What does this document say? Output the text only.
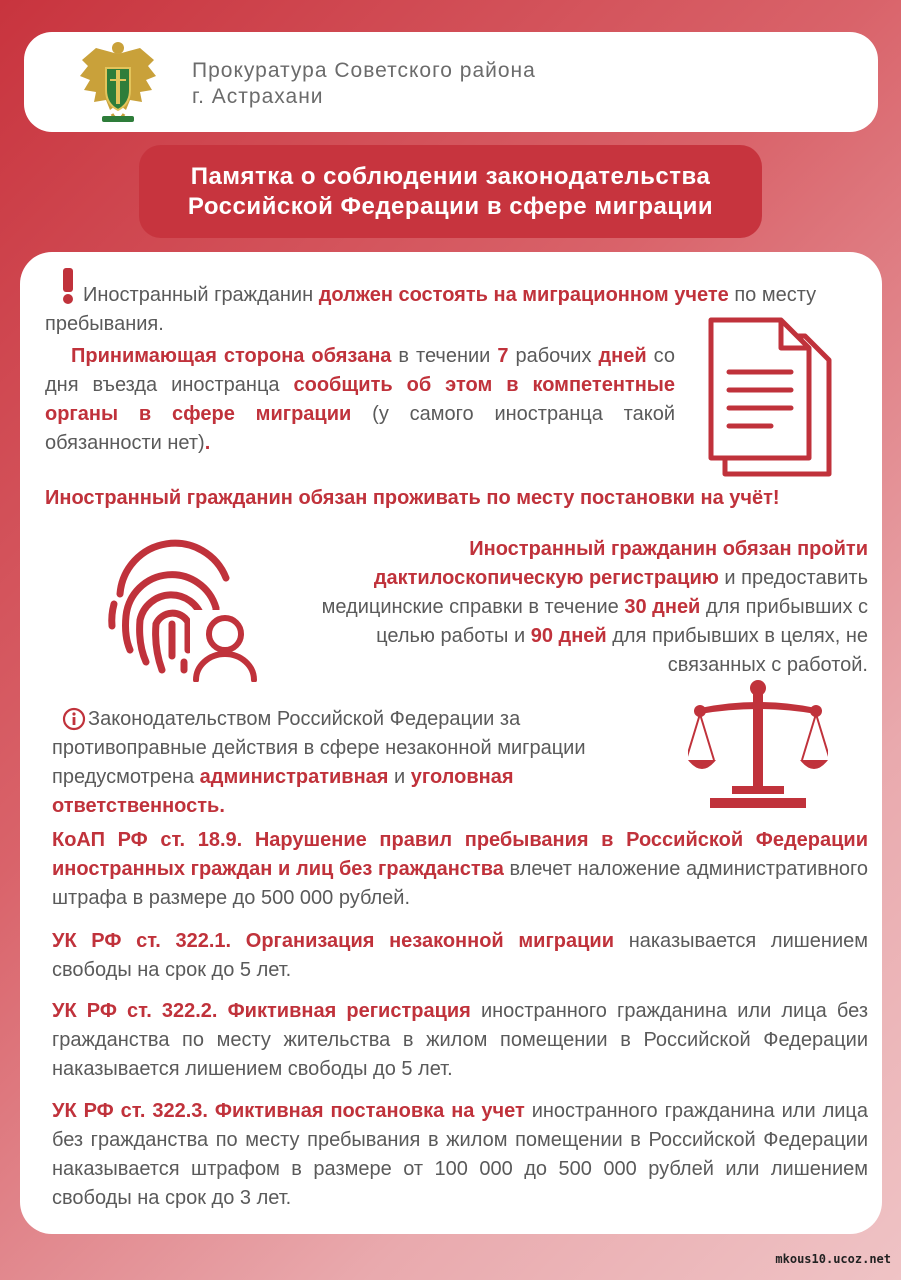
Прокуратура Советского района
г. Астрахани
Памятка о соблюдении законодательства
Российской Федерации в сфере миграции
Иностранный гражданин должен состоять на миграционном учете по месту пребывания.
Принимающая сторона обязана в течении 7 рабочих дней со дня въезда иностранца сообщить об этом в компетентные органы в сфере миграции (у самого иностранца такой обязанности нет).
Иностранный гражданин обязан проживать по месту постановки на учёт!
Иностранный гражданин обязан пройти дактилоскопическую регистрацию и предоставить медицинские справки в течение 30 дней для прибывших с целью работы и 90 дней для прибывших в целях, не связанных с работой.
Законодательством Российской Федерации за противоправные действия в сфере незаконной миграции предусмотрена административная и уголовная ответственность.
КоАП РФ ст. 18.9. Нарушение правил пребывания в Российской Федерации иностранных граждан и лиц без гражданства влечет наложение административного штрафа в размере до 500 000 рублей.
УК РФ ст. 322.1. Организация незаконной миграции наказывается лишением свободы на срок до 5 лет.
УК РФ ст. 322.2. Фиктивная регистрация иностранного гражданина или лица без гражданства по месту жительства в жилом помещении в Российской Федерации наказывается лишением свободы до 5 лет.
УК РФ ст. 322.3. Фиктивная постановка на учет иностранного гражданина или лица без гражданства по месту пребывания в жилом помещении в Российской Федерации наказывается штрафом в размере от 100 000 до 500 000 рублей или лишением свободы на срок до 3 лет.
mkous10.ucoz.net
